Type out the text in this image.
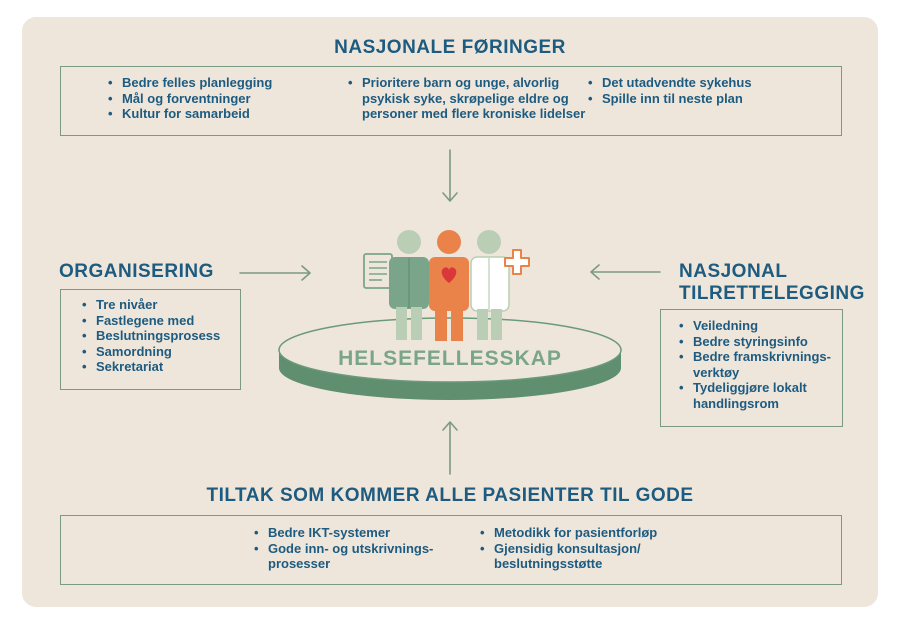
NASJONALE FØRINGER
• Bedre felles planlegging
• Mål og forventninger
• Kultur for samarbeid
• Prioritere barn og unge, alvorlig
psykisk syke, skrøpelige eldre og
personer med flere kroniske lidelser
• Det utadvendte sykehus
• Spille inn til neste plan
ORGANISERING
• Tre nivåer
• Fastlegene med
• Beslutningsprosess
• Samordning
• Sekretariat
NASJONAL
TILRETTELEGGING
• Veiledning
• Bedre styringsinfo
• Bedre framskrivnings-
verktøy
• Tydeliggjøre lokalt
handlingsrom
HELSEFELLESSKAP
TILTAK SOM KOMMER ALLE PASIENTER TIL GODE
• Bedre IKT-systemer
• Gode inn- og utskrivnings-
prosesser
• Metodikk for pasientforløp
• Gjensidig konsultasjon/
beslutningsstøtte
